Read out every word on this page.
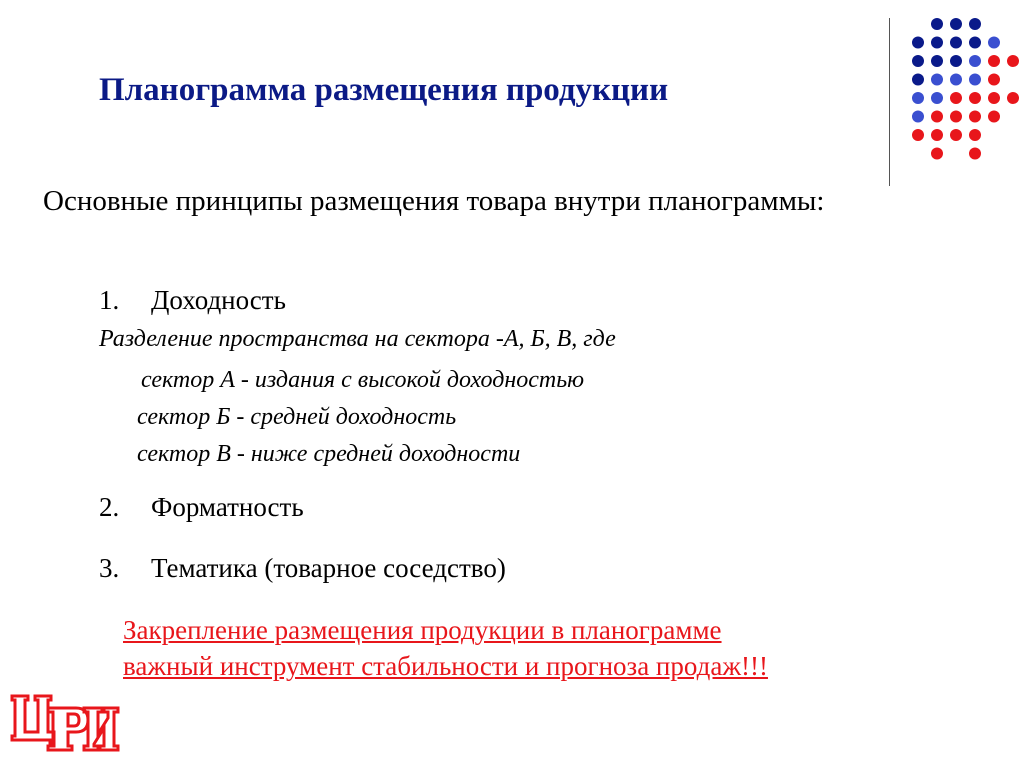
Планограмма размещения продукции
Основные принципы размещения товара внутри планограммы:
1. Доходность
Разделение пространства на сектора -А, Б, В, где
сектор А - издания с высокой доходностью
сектор Б - средней доходность
сектор В - ниже средней доходности
2. Форматность
3. Тематика (товарное соседство)
Закрепление размещения продукции в планограмме
важный инструмент стабильности и прогноза продаж!!!
